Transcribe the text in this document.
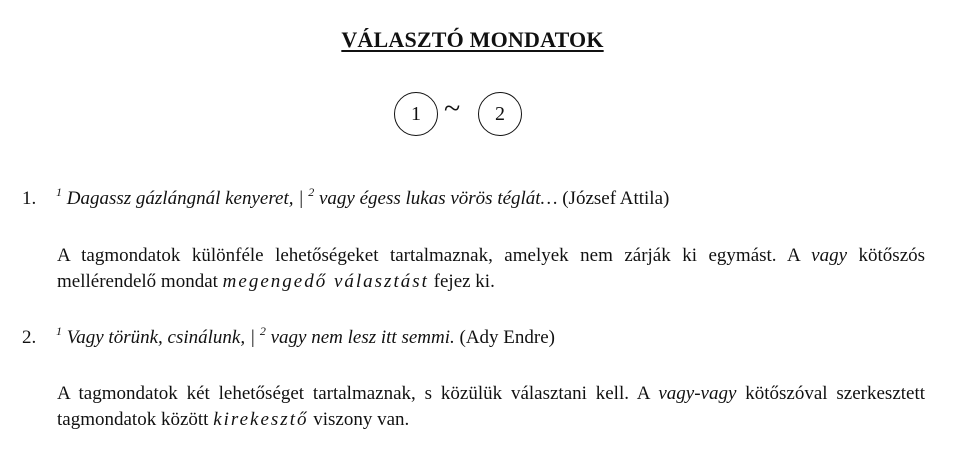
VÁLASZTÓ MONDATOK
1 ~	2
1. $^1$ Dagassz gázlángnál kenyeret, | $^2$ vagy égess lukas vörös téglát… (József Attila)
A tagmondatok különféle lehetőségeket tartalmaznak, amelyek nem zárják ki egymást. A vagy kötőszós mellérendelő mondat megengedő választást fejez ki.
2. $^1$ Vagy törünk, csinálunk, | $^2$ vagy nem lesz itt semmi. (Ady Endre)
A tagmondatok két lehetőséget tartalmaznak, s közülük választani kell. A vagy-vagy kötőszóval szerkesztett tagmondatok között kirekesztő viszony van.
